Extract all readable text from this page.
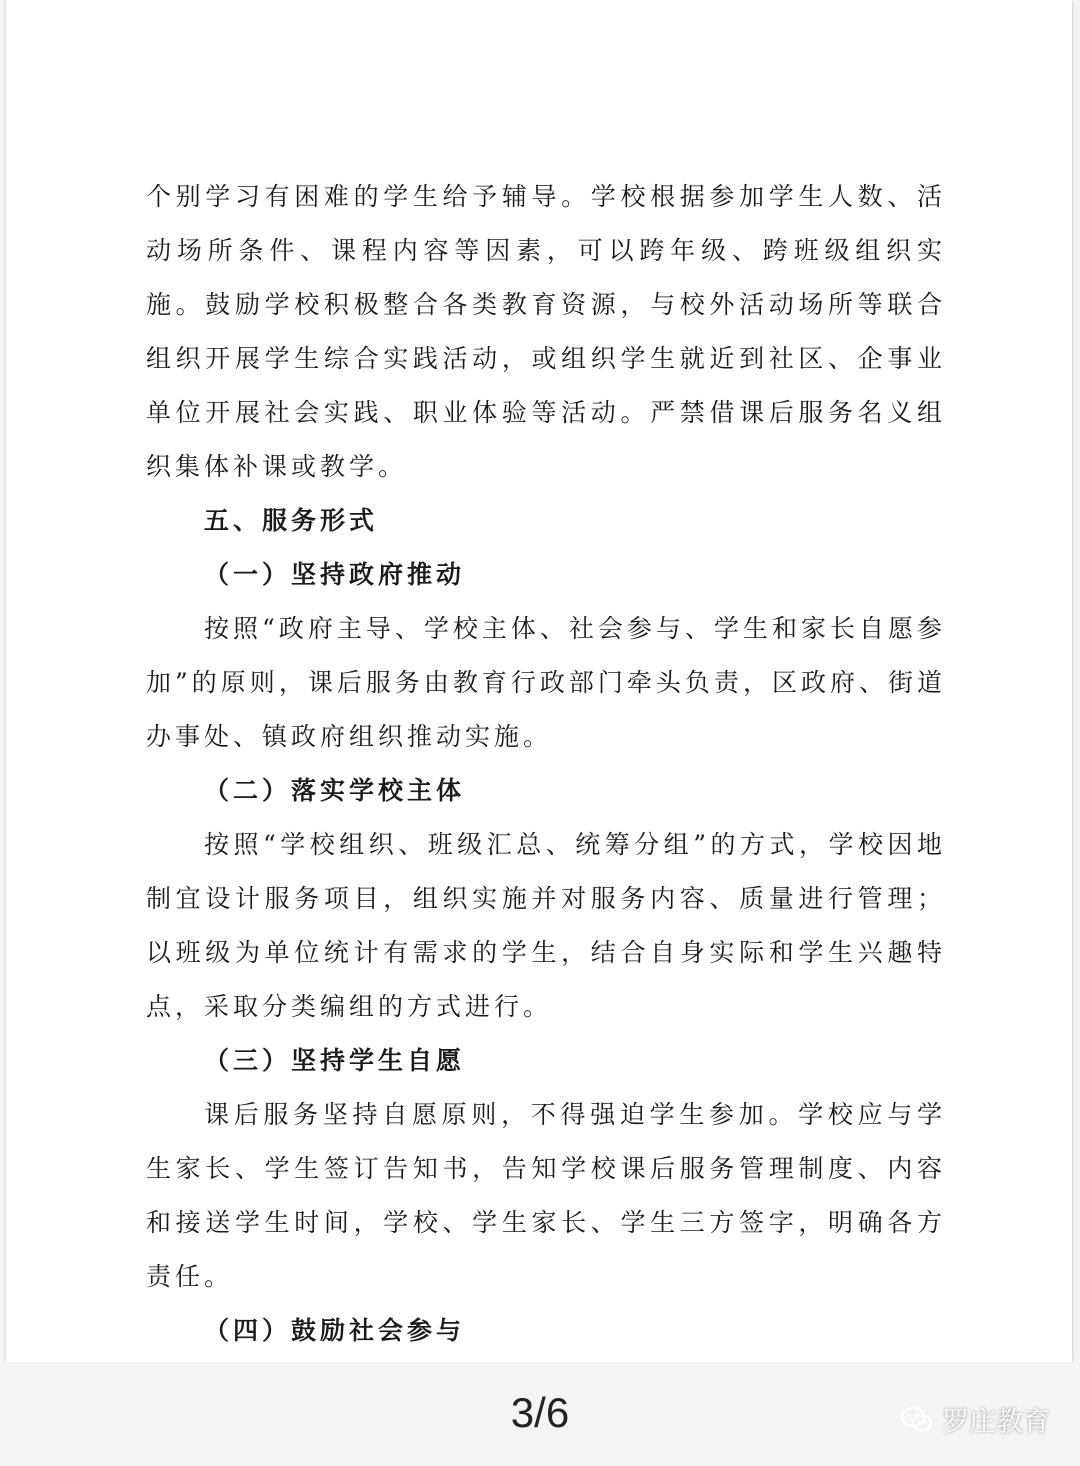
个别学习有困难的学生给予辅导。学校根据参加学生人数、活动场所条件、课程内容等因素，可以跨年级、跨班级组织实施。鼓励学校积极整合各类教育资源，与校外活动场所等联合组织开展学生综合实践活动，或组织学生就近到社区、企事业单位开展社会实践、职业体验等活动。严禁借课后服务名义组织集体补课或教学。

五、服务形式

（一）坚持政府推动

按照“政府主导、学校主体、社会参与、学生和家长自愿参加”的原则，课后服务由教育行政部门牵头负责，区政府、街道办事处、镇政府组织推动实施。

（二）落实学校主体

按照“学校组织、班级汇总、统筹分组”的方式，学校因地制宜设计服务项目，组织实施并对服务内容、质量进行管理；以班级为单位统计有需求的学生，结合自身实际和学生兴趣特点，采取分类编组的方式进行。

（三）坚持学生自愿

课后服务坚持自愿原则，不得强迫学生参加。学校应与学生家长、学生签订告知书，告知学校课后服务管理制度、内容和接送学生时间，学校、学生家长、学生三方签字，明确各方责任。

（四）鼓励社会参与

3/6	罗庄教育
